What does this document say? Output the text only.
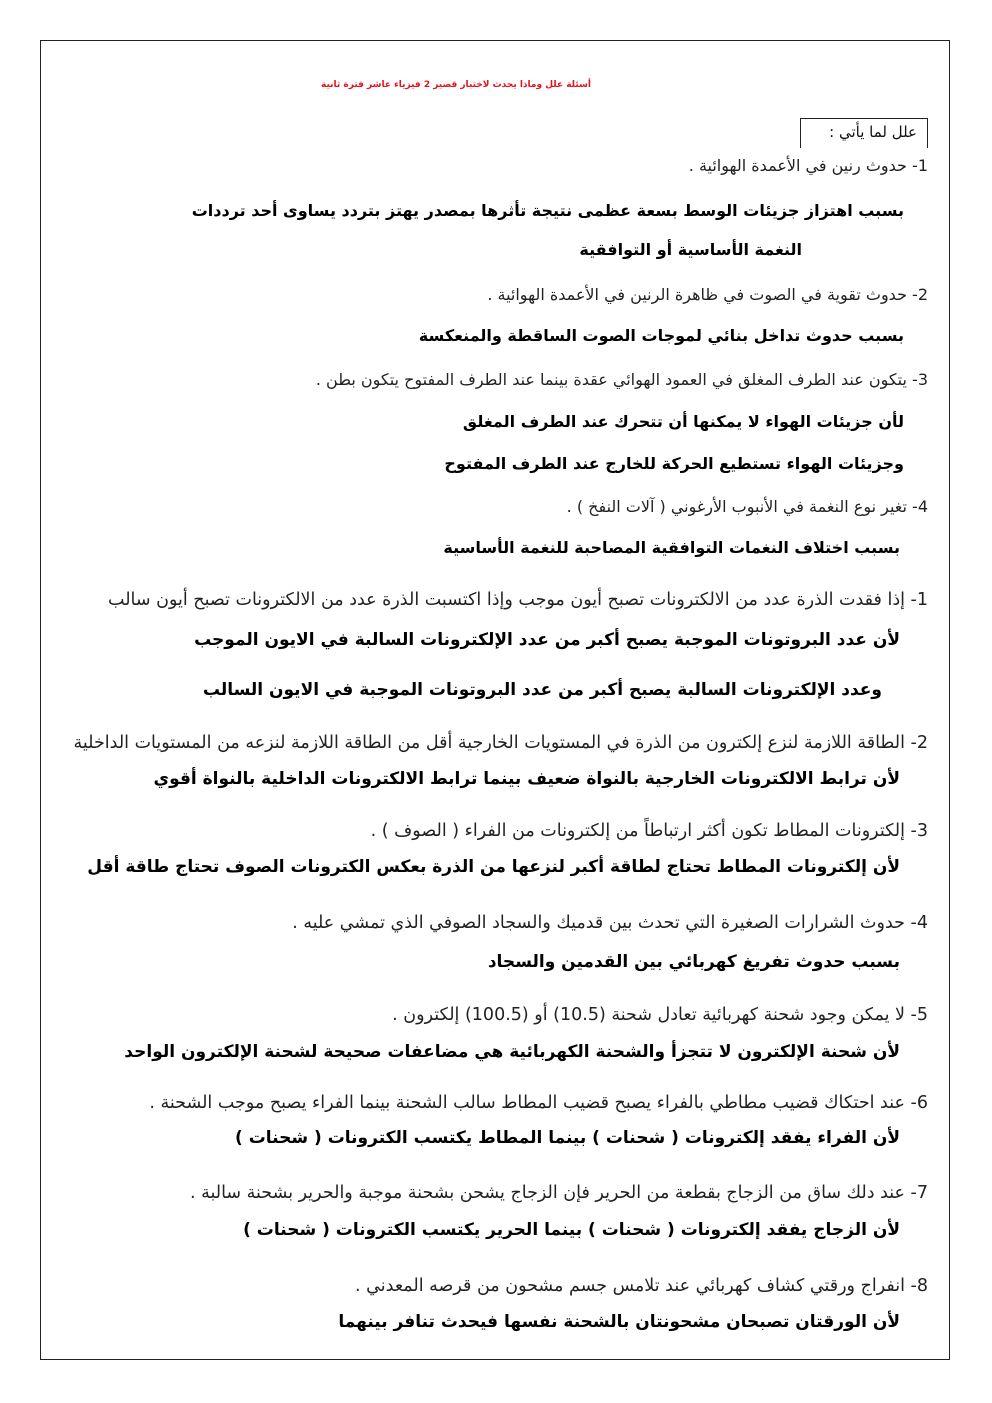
أسئلة علل وماذا يحدث لاختبار قصير 2 فيزياء عاشر فترة ثانية
علل لما يأتي :
1- حدوث رنين في الأعمدة الهوائية .
بسبب اهتزاز جزيئات الوسط بسعة عظمى نتيجة تأثرها بمصدر يهتز بتردد يساوى أحد ترددات
النغمة الأساسية أو التوافقية
2- حدوث تقوية في الصوت في ظاهرة الرنين في الأعمدة الهوائية .
بسبب حدوث تداخل بنائي لموجات الصوت الساقطة والمنعكسة
3- يتكون عند الطرف المغلق في العمود الهوائي عقدة بينما عند الطرف المفتوح يتكون بطن .
لأن جزيئات الهواء لا يمكنها أن تتحرك عند الطرف المغلق
وجزيئات الهواء تستطيع الحركة للخارج عند الطرف المفتوح
4- تغير نوع النغمة في الأنبوب الأرغوني ( آلات النفخ ) .
بسبب اختلاف النغمات التوافقية المصاحبة للنغمة الأساسية
1- إذا فقدت الذرة عدد من الالكترونات تصبح أيون موجب وإذا اكتسبت الذرة عدد من الالكترونات تصبح أيون سالب
لأن عدد البروتونات الموجبة يصبح أكبر من عدد الإلكترونات السالبة في الايون الموجب
وعدد الإلكترونات السالبة يصبح أكبر من عدد البروتونات الموجبة في الايون السالب
2- الطاقة اللازمة لنزع إلكترون من الذرة في المستويات الخارجية أقل من الطاقة اللازمة لنزعه من المستويات الداخلية
لأن ترابط الالكترونات الخارجية بالنواة ضعيف بينما ترابط الالكترونات الداخلية بالنواة أقوي
3- إلكترونات المطاط تكون أكثر ارتباطاً من إلكترونات من الفراء ( الصوف ) .
لأن إلكترونات المطاط تحتاج لطاقة أكبر لنزعها من الذرة بعكس الكترونات الصوف تحتاج طاقة أقل
4- حدوث الشرارات الصغيرة التي تحدث بين قدميك والسجاد الصوفي الذي تمشي عليه .
بسبب حدوث تفريغ كهربائي بين القدمين والسجاد
5- لا يمكن وجود شحنة كهربائية تعادل شحنة (10.5) أو (100.5) إلكترون .
لأن شحنة الإلكترون لا تتجزأ والشحنة الكهربائية هي مضاعفات صحيحة لشحنة الإلكترون الواحد
6- عند احتكاك قضيب مطاطي بالفراء يصبح قضيب المطاط سالب الشحنة بينما الفراء يصبح موجب الشحنة .
لأن الفراء يفقد إلكترونات ( شحنات ) بينما المطاط يكتسب الكترونات ( شحنات )
7- عند دلك ساق من الزجاج بقطعة من الحرير فإن الزجاج يشحن بشحنة موجبة والحرير بشحنة سالبة .
لأن الزجاج يفقد إلكترونات ( شحنات ) بينما الحرير يكتسب الكترونات ( شحنات )
8- انفراج ورقتي كشاف كهربائي عند تلامس جسم مشحون من قرصه المعدني .
لأن الورقتان تصبحان مشحونتان بالشحنة نفسها فيحدث تنافر بينهما
